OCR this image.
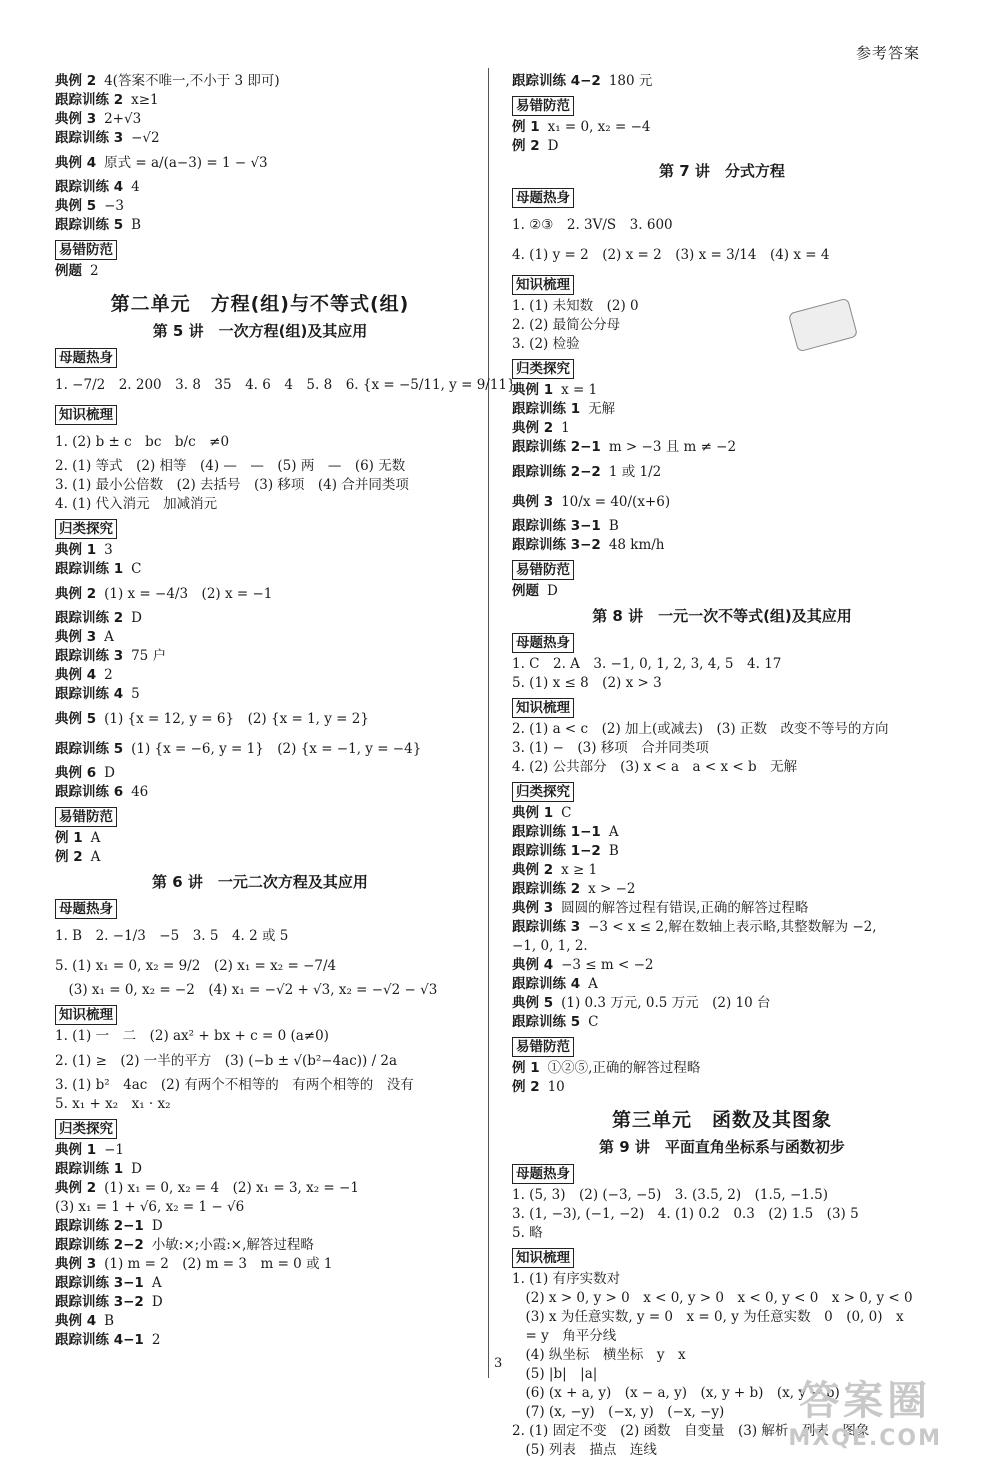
参考答案
典例 2 4(答案不唯一,不小于 3 即可)
跟踪训练 2 x≥1
典例 3 2+√3
跟踪训练 3 −√2
典例 4 原式 = a/(a−3) = 1 − √3
跟踪训练 4 4
典例 5 −3
跟踪训练 5 B
易错防范
例题 2
第二单元　方程(组)与不等式(组)
第 5 讲　一次方程(组)及其应用
母题热身
1. −7/2　2. 200　3. 8　35　4. 6　4　5. 8　6. {x = −5/11, y = 9/11}
知识梳理
1. (2) b ± c　bc　b/c　≠0
2. (1) 等式　(2) 相等　(4) —　—　(5) 两　—　(6) 无数
3. (1) 最小公倍数　(2) 去括号　(3) 移项　(4) 合并同类项
4. (1) 代入消元　加减消元
归类探究
典例 1 3
跟踪训练 1 C
典例 2 (1) x = −4/3　(2) x = −1
跟踪训练 2 D
典例 3 A
跟踪训练 3 75 户
典例 4 2
跟踪训练 4 5
典例 5 (1) {x = 12, y = 6}　(2) {x = 1, y = 2}
跟踪训练 5 (1) {x = −6, y = 1}　(2) {x = −1, y = −4}
典例 6 D
跟踪训练 6 46
易错防范
例 1 A
例 2 A
第 6 讲　一元二次方程及其应用
母题热身
1. B　2. −1/3　−5　3. 5　4. 2 或 5
5. (1) x₁ = 0, x₂ = 9/2　(2) x₁ = x₂ = −7/4
　(3) x₁ = 0, x₂ = −2　(4) x₁ = −√2 + √3, x₂ = −√2 − √3
知识梳理
1. (1) 一　二　(2) ax² + bx + c = 0 (a≠0)
2. (1) ≥　(2) 一半的平方　(3) (−b ± √(b²−4ac)) / 2a
3. (1) b²　4ac　(2) 有两个不相等的　有两个相等的　没有
5. x₁ + x₂　x₁ · x₂
归类探究
典例 1 −1
跟踪训练 1 D
典例 2 (1) x₁ = 0, x₂ = 4　(2) x₁ = 3, x₂ = −1
(3) x₁ = 1 + √6, x₂ = 1 − √6
跟踪训练 2−1 D
跟踪训练 2−2 小敏:×;小霞:×,解答过程略
典例 3 (1) m = 2　(2) m = 3　m = 0 或 1
跟踪训练 3−1 A
跟踪训练 3−2 D
典例 4 B
跟踪训练 4−1 2
跟踪训练 4−2 180 元
易错防范
例 1 x₁ = 0, x₂ = −4
例 2 D
第 7 讲　分式方程
母题热身
1. ②③　2. 3V/S　3. 600
4. (1) y = 2　(2) x = 2　(3) x = 3/14　(4) x = 4
知识梳理
1. (1) 未知数　(2) 0
2. (2) 最简公分母
3. (2) 检验
归类探究
典例 1 x = 1
跟踪训练 1 无解
典例 2 1
跟踪训练 2−1 m > −3 且 m ≠ −2
跟踪训练 2−2 1 或 1/2
典例 3 10/x = 40/(x+6)
跟踪训练 3−1 B
跟踪训练 3−2 48 km/h
易错防范
例题 D
第 8 讲　一元一次不等式(组)及其应用
母题热身
1. C　2. A　3. −1, 0, 1, 2, 3, 4, 5　4. 17
5. (1) x ≤ 8　(2) x > 3
知识梳理
2. (1) a < c　(2) 加上(或减去)　(3) 正数　改变不等号的方向
3. (1) −　(3) 移项　合并同类项
4. (2) 公共部分　(3) x < a　a < x < b　无解
归类探究
典例 1 C
跟踪训练 1−1 A
跟踪训练 1−2 B
典例 2 x ≥ 1
跟踪训练 2 x > −2
典例 3 圆圆的解答过程有错误,正确的解答过程略
跟踪训练 3 −3 < x ≤ 2,解在数轴上表示略,其整数解为 −2,
−1, 0, 1, 2.
典例 4 −3 ≤ m < −2
跟踪训练 4 A
典例 5 (1) 0.3 万元, 0.5 万元　(2) 10 台
跟踪训练 5 C
易错防范
例 1 ①②⑤,正确的解答过程略
例 2 10
第三单元　函数及其图象
第 9 讲　平面直角坐标系与函数初步
母题热身
1. (5, 3)　(2) (−3, −5)　3. (3.5, 2)　(1.5, −1.5)
3. (1, −3), (−1, −2)　4. (1) 0.2　0.3　(2) 1.5　(3) 5
5. 略
知识梳理
1. (1) 有序实数对
　(2) x > 0, y > 0　x < 0, y > 0　x < 0, y < 0　x > 0, y < 0
　(3) x 为任意实数, y = 0　x = 0, y 为任意实数　0　(0, 0)　x
　= y　角平分线
　(4) 纵坐标　横坐标　y　x
　(5) |b|　|a|
　(6) (x + a, y)　(x − a, y)　(x, y + b)　(x, y − b)
　(7) (x, −y)　(−x, y)　(−x, −y)
2. (1) 固定不变　(2) 函数　自变量　(3) 解析　列表　图象
　(5) 列表　描点　连线
3
答案圈
MXQE.COM
